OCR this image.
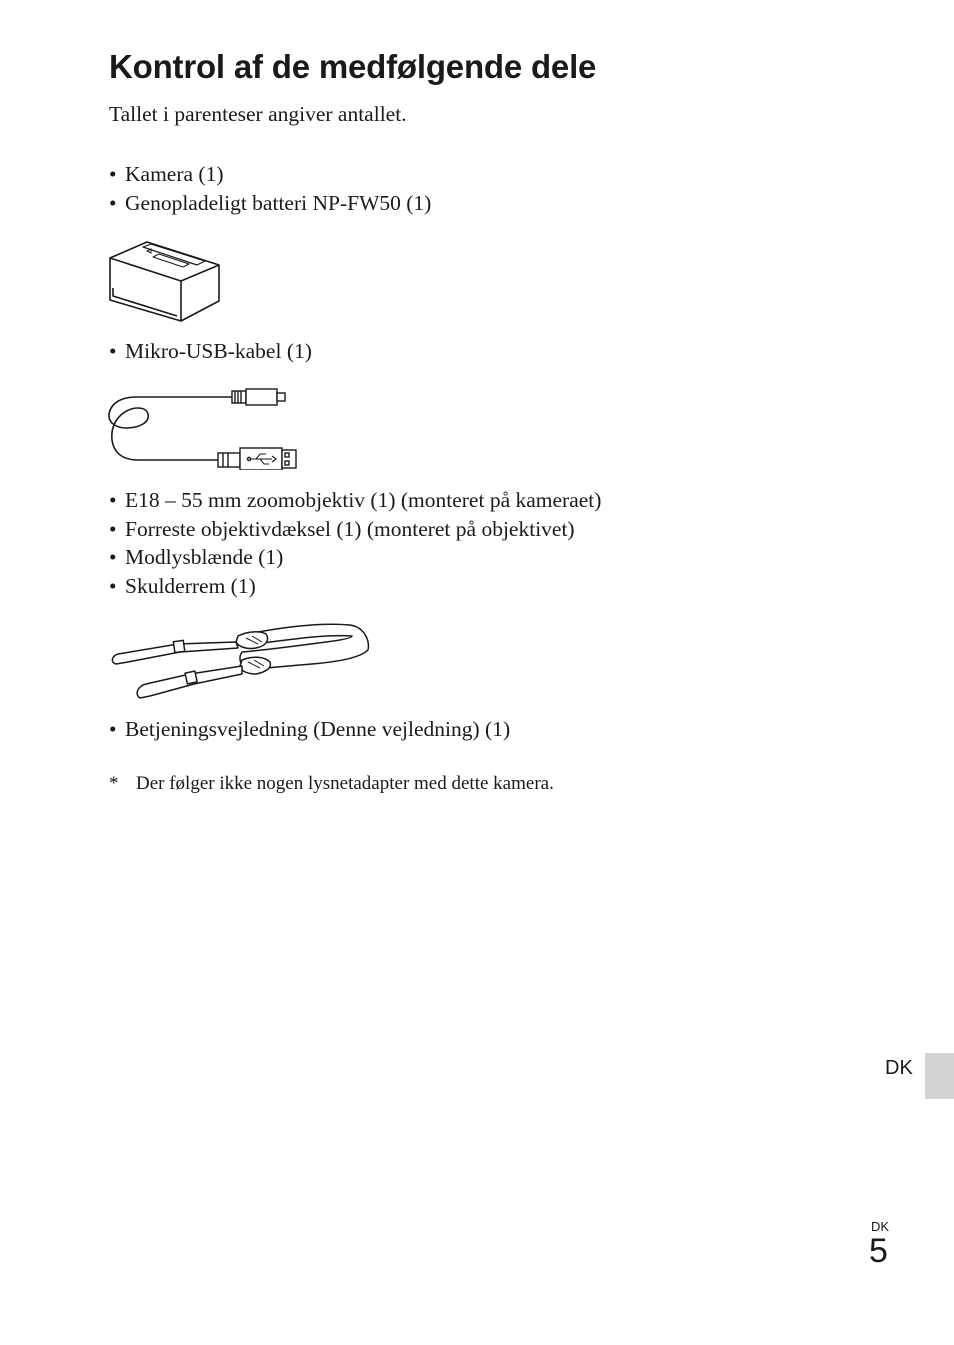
Kontrol af de medfølgende dele
Tallet i parenteser angiver antallet.
• Kamera (1)
• Genopladeligt batteri NP-FW50 (1)
• Mikro-USB-kabel (1)
• E18 – 55 mm zoomobjektiv (1) (monteret på kameraet)
• Forreste objektivdæksel (1) (monteret på objektivet)
• Modlysblænde (1)
• Skulderrem (1)
• Betjeningsvejledning (Denne vejledning) (1)
* Der følger ikke nogen lysnetadapter med dette kamera.
DK
DK
5
